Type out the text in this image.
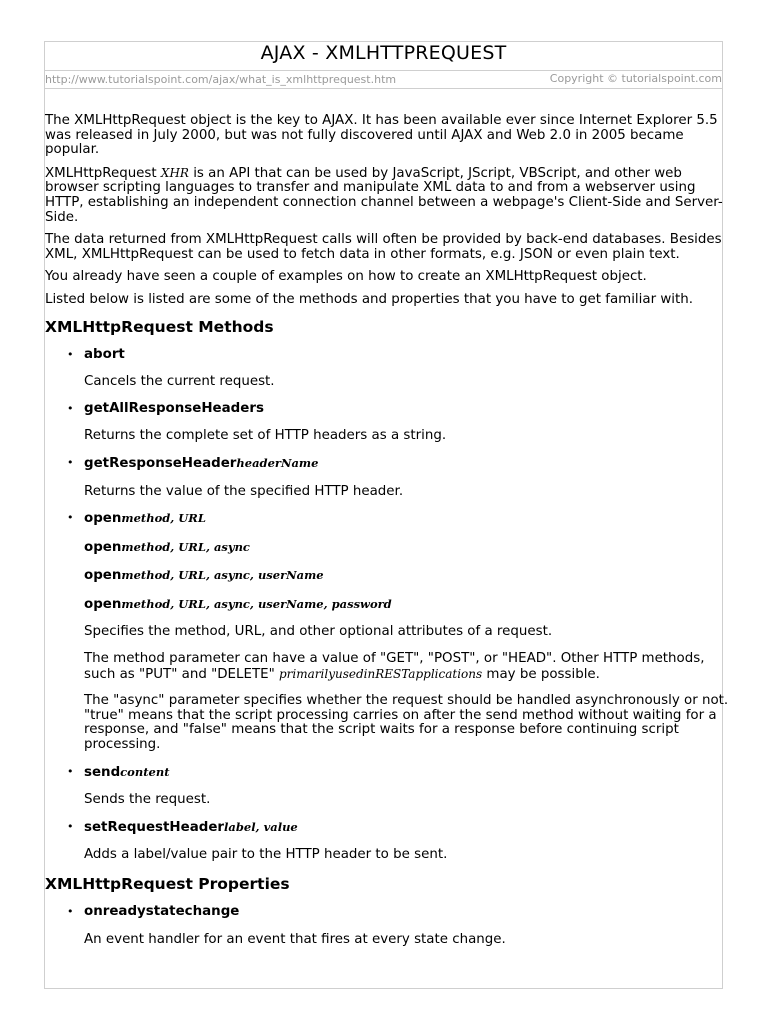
AJAX - XMLHTTPREQUEST
http://www.tutorialspoint.com/ajax/what_is_xmlhttprequest.htm	Copyright © tutorialspoint.com

The XMLHttpRequest object is the key to AJAX. It has been available ever since Internet Explorer 5.5 was released in July 2000, but was not fully discovered until AJAX and Web 2.0 in 2005 became popular.

XMLHttpRequest XHR is an API that can be used by JavaScript, JScript, VBScript, and other web browser scripting languages to transfer and manipulate XML data to and from a webserver using HTTP, establishing an independent connection channel between a webpage's Client-Side and Server-Side.

The data returned from XMLHttpRequest calls will often be provided by back-end databases. Besides XML, XMLHttpRequest can be used to fetch data in other formats, e.g. JSON or even plain text.

You already have seen a couple of examples on how to create an XMLHttpRequest object.

Listed below is listed are some of the methods and properties that you have to get familiar with.

XMLHttpRequest Methods
• abort

Cancels the current request.

• getAllResponseHeaders

Returns the complete set of HTTP headers as a string.

• getResponseHeaderheaderName

Returns the value of the specified HTTP header.

• openmethod, URL

openmethod, URL, async

openmethod, URL, async, userName

openmethod, URL, async, userName, password

Specifies the method, URL, and other optional attributes of a request.

The method parameter can have a value of "GET", "POST", or "HEAD". Other HTTP methods, such as "PUT" and "DELETE" primarilyusedinRESTapplications may be possible.

The "async" parameter specifies whether the request should be handled asynchronously or not. "true" means that the script processing carries on after the send method without waiting for a response, and "false" means that the script waits for a response before continuing script processing.

• sendcontent

Sends the request.

• setRequestHeaderlabel, value

Adds a label/value pair to the HTTP header to be sent.

XMLHttpRequest Properties
• onreadystatechange

An event handler for an event that fires at every state change.
